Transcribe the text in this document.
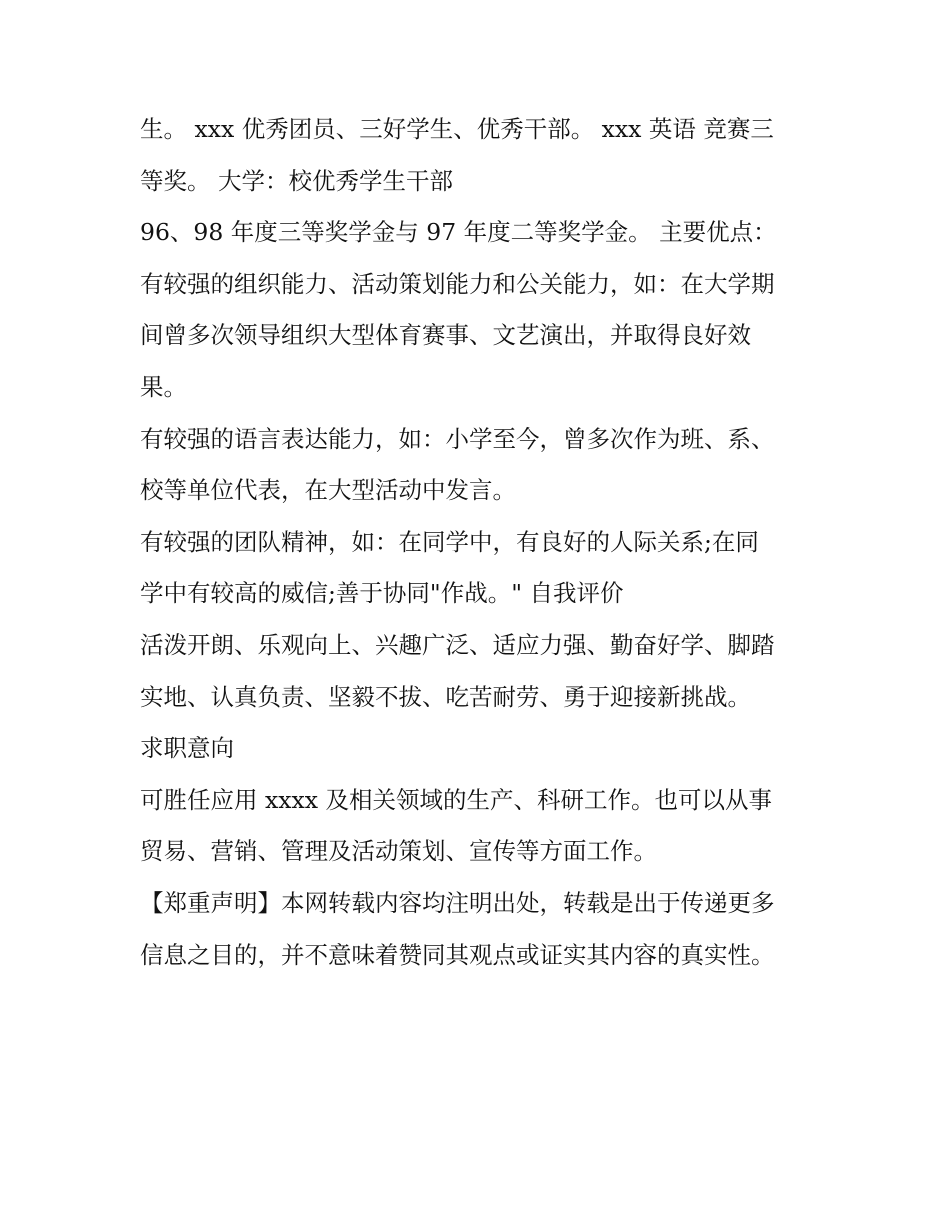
生。 xxx 优秀团员、三好学生、优秀干部。 xxx 英语 竞赛三
等奖。 大学：校优秀学生干部
96、98 年度三等奖学金与 97 年度二等奖学金。 主要优点：
有较强的组织能力、活动策划能力和公关能力，如：在大学期
间曾多次领导组织大型体育赛事、文艺演出，并取得良好效
果。
有较强的语言表达能力，如：小学至今，曾多次作为班、系、
校等单位代表，在大型活动中发言。
有较强的团队精神，如：在同学中，有良好的人际关系;在同
学中有较高的威信;善于协同"作战。" 自我评价
活泼开朗、乐观向上、兴趣广泛、适应力强、勤奋好学、脚踏
实地、认真负责、坚毅不拔、吃苦耐劳、勇于迎接新挑战。
求职意向
可胜任应用 xxxx 及相关领域的生产、科研工作。也可以从事
贸易、营销、管理及活动策划、宣传等方面工作。
【郑重声明】本网转载内容均注明出处，转载是出于传递更多
信息之目的，并不意味着赞同其观点或证实其内容的真实性。
